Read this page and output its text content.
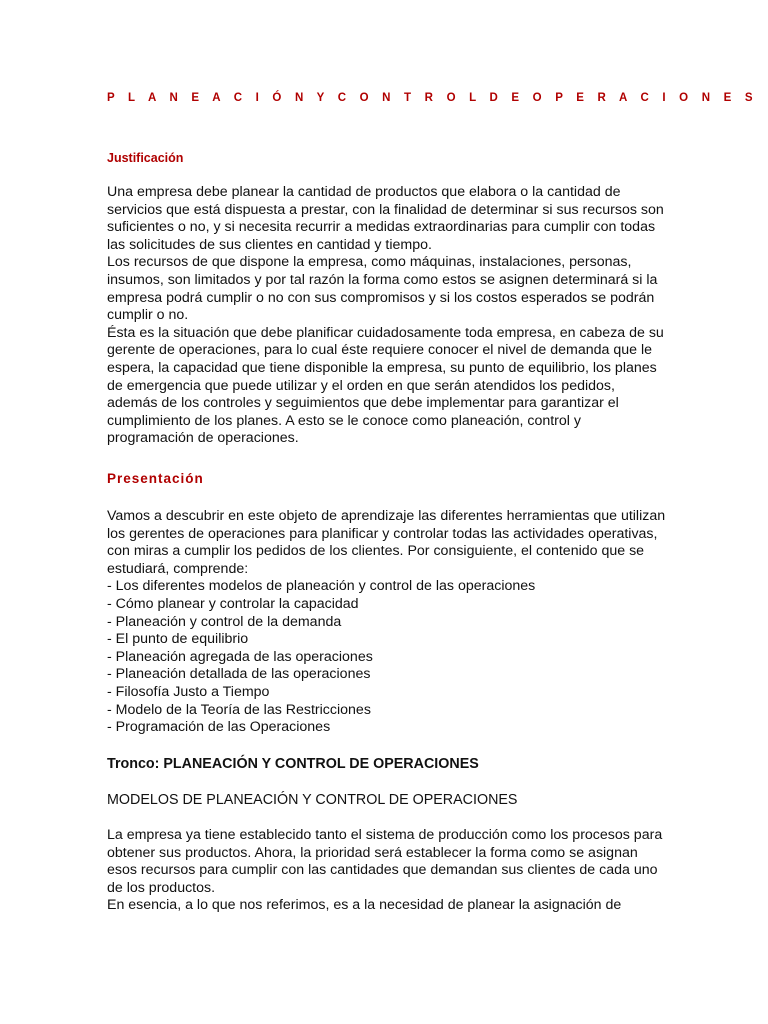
P L A N E A C I Ó N Y C O N T R O L D E O P E R A C I O N E S
Justificación

Una empresa debe planear la cantidad de productos que elabora o la cantidad de servicios que está dispuesta a prestar, con la finalidad de determinar si sus recursos son suficientes o no, y si necesita recurrir a medidas extraordinarias para cumplir con todas las solicitudes de sus clientes en cantidad y tiempo.

Los recursos de que dispone la empresa, como máquinas, instalaciones, personas, insumos, son limitados y por tal razón la forma como estos se asignen determinará si la empresa podrá cumplir o no con sus compromisos y si los costos esperados se podrán cumplir o no.

Ésta es la situación que debe planificar cuidadosamente toda empresa, en cabeza de su gerente de operaciones, para lo cual éste requiere conocer el nivel de demanda que le espera, la capacidad que tiene disponible la empresa, su punto de equilibrio, los planes de emergencia que puede utilizar y el orden en que serán atendidos los pedidos, además de los controles y seguimientos que debe implementar para garantizar el cumplimiento de los planes. A esto se le conoce como planeación, control y programación de operaciones.

Presentación

Vamos a descubrir en este objeto de aprendizaje las diferentes herramientas que utilizan los gerentes de operaciones para planificar y controlar todas las actividades operativas, con miras a cumplir los pedidos de los clientes. Por consiguiente, el contenido que se estudiará, comprende:

- Los diferentes modelos de planeación y control de las operaciones
- Cómo planear y controlar la capacidad
- Planeación y control de la demanda
- El punto de equilibrio
- Planeación agregada de las operaciones
- Planeación detallada de las operaciones
- Filosofía Justo a Tiempo
- Modelo de la Teoría de las Restricciones
- Programación de las Operaciones
Tronco: PLANEACIÓN Y CONTROL DE OPERACIONES
MODELOS DE PLANEACIÓN Y CONTROL DE OPERACIONES

La empresa ya tiene establecido tanto el sistema de producción como los procesos para obtener sus productos. Ahora, la prioridad será establecer la forma como se asignan esos recursos para cumplir con las cantidades que demandan sus clientes de cada uno de los productos.

En esencia, a lo que nos referimos, es a la necesidad de planear la asignación de
